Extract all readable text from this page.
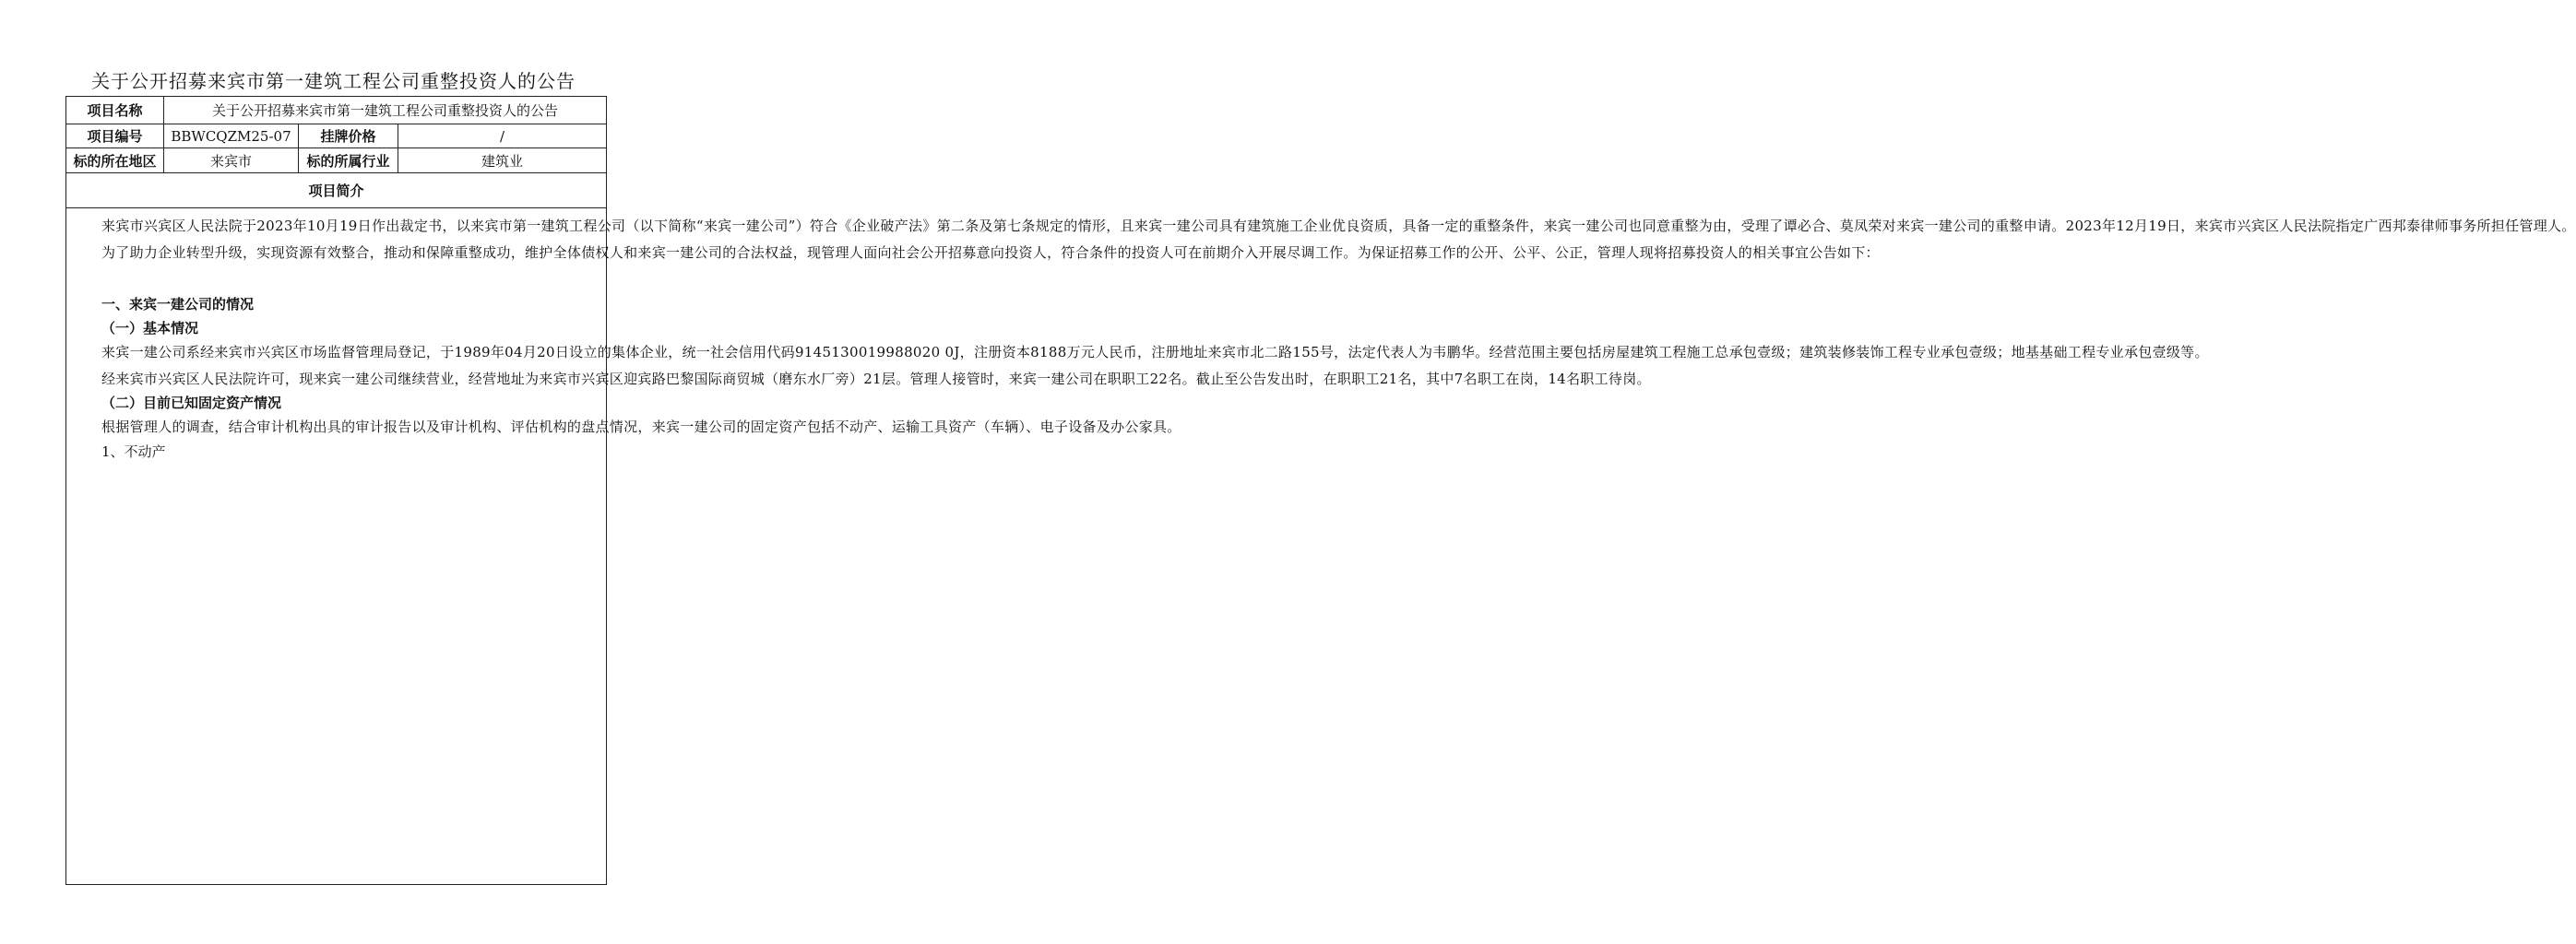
关于公开招募来宾市第一建筑工程公司重整投资人的公告
项目名称	关于公开招募来宾市第一建筑工程公司重整投资人的公告
项目编号	BBWCQZM25-07	挂牌价格	/
标的所在地区	来宾市	标的所属行业	建筑业
项目简介

来宾市兴宾区人民法院于2023年10月19日作出裁定书，以来宾市第一建筑工程公司（以下简称“来宾一建公司”）符合《企业破产法》第二条及第七条规定的情形，且来宾一建公司具有建筑施工企业优良资质，具备一定的重整条件，来宾一建公司也同意重整为由，受理了谭必合、莫凤荣对来宾一建公司的重整申请。2023年12月19日，来宾市兴宾区人民法院指定广西邦泰律师事务所担任管理人。

为了助力企业转型升级，实现资源有效整合，推动和保障重整成功，维护全体债权人和来宾一建公司的合法权益，现管理人面向社会公开招募意向投资人，符合条件的投资人可在前期介入开展尽调工作。为保证招募工作的公开、公平、公正，管理人现将招募投资人的相关事宜公告如下：

一、来宾一建公司的情况

（一）基本情况

来宾一建公司系经来宾市兴宾区市场监督管理局登记，于1989年04月20日设立的集体企业，统一社会信用代码9145130019988020 0J，注册资本8188万元人民币，注册地址来宾市北二路155号，法定代表人为韦鹏华。经营范围主要包括房屋建筑工程施工总承包壹级；建筑装修装饰工程专业承包壹级；地基基础工程专业承包壹级等。

经来宾市兴宾区人民法院许可，现来宾一建公司继续营业，经营地址为来宾市兴宾区迎宾路巴黎国际商贸城（磨东水厂旁）21层。管理人接管时，来宾一建公司在职职工22名。截止至公告发出时，在职职工21名，其中7名职工在岗，14名职工待岗。

（二）目前已知固定资产情况

根据管理人的调查，结合审计机构出具的审计报告以及审计机构、评估机构的盘点情况，来宾一建公司的固定资产包括不动产、运输工具资产（车辆）、电子设备及办公家具。

1、不动产
